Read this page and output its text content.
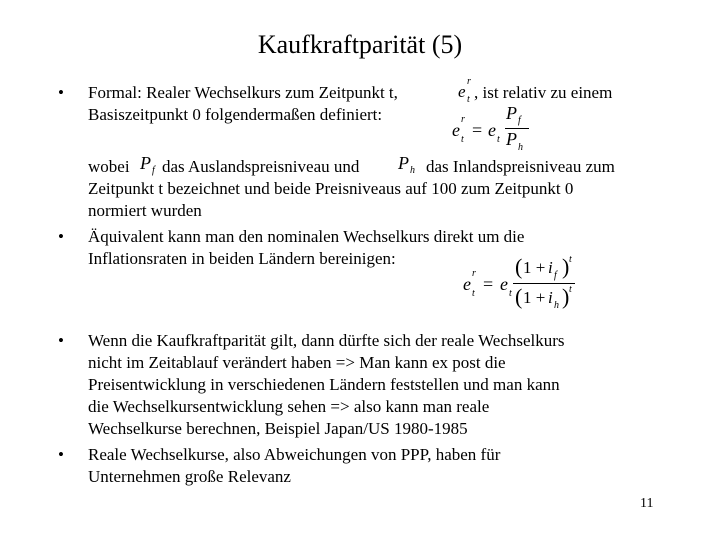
Kaufkraftparität (5)
• Formal: Realer Wechselkurs zum Zeitpunkt t,	e
r
t , ist relativ zu einem
Basiszeitpunkt 0 folgendermaßen definiert:
e
r
t = e t
P f
P h
wobei P f das Auslandspreisniveau und P h das Inlandspreisniveau zum
Zeitpunkt t bezeichnet und beide Preisniveaus auf 100 zum Zeitpunkt 0
normiert wurden
• Äquivalent kann man den nominalen Wechselkurs direkt um die
Inflationsraten in beiden Ländern bereinigen:
e
r
t = e t
( 1 + i f ) t
( 1 + i h ) t
• Wenn die Kaufkraftparität gilt, dann dürfte sich der reale Wechselkurs
nicht im Zeitablauf verändert haben => Man kann ex post die
Preisentwicklung in verschiedenen Ländern feststellen und man kann
die Wechselkursentwicklung sehen => also kann man reale
Wechselkurse berechnen, Beispiel Japan/US 1980-1985
• Reale Wechselkurse, also Abweichungen von PPP, haben für
Unternehmen große Relevanz
11
